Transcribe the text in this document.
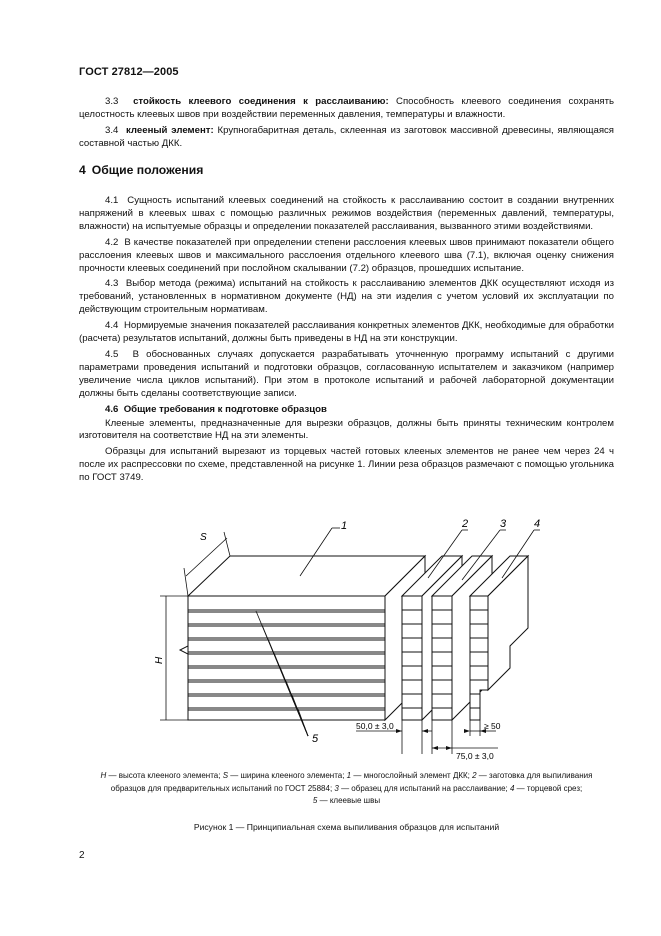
ГОСТ 27812—2005

3.3 стойкость клеевого соединения к расслаиванию: Способность клеевого соединения сохранять целостность клеевых швов при воздействии переменных давления, температуры и влажности.

3.4 клееный элемент: Крупногабаритная деталь, склеенная из заготовок массивной древесины, являющаяся составной частью ДКК.

4 Общие положения

4.1 Сущность испытаний клеевых соединений на стойкость к расслаиванию состоит в создании внутренних напряжений в клеевых швах с помощью различных режимов воздействия (переменных давлений, температуры, влажности) на испытуемые образцы и определении показателей расслаивания, вызванного этими воздействиями.

4.2 В качестве показателей при определении степени расслоения клеевых швов принимают показатели общего расслоения клеевых швов и максимального расслоения отдельного клеевого шва (7.1), включая оценку снижения прочности клеевых соединений при послойном скалывании (7.2) образцов, прошедших испытание.

4.3 Выбор метода (режима) испытаний на стойкость к расслаиванию элементов ДКК осуществляют исходя из требований, установленных в нормативном документе (НД) на эти изделия с учетом условий их эксплуатации по действующим строительным нормативам.

4.4 Нормируемые значения показателей расслаивания конкретных элементов ДКК, необходимые для обработки (расчета) результатов испытаний, должны быть приведены в НД на эти конструкции.

4.5 В обоснованных случаях допускается разрабатывать уточненную программу испытаний с другими параметрами проведения испытаний и подготовки образцов, согласованную испытателем и заказчиком (например увеличение числа циклов испытаний). При этом в протоколе испытаний и рабочей лабораторной документации должны быть сделаны соответствующие записи.

4.6 Общие требования к подготовке образцов

Клееные элементы, предназначенные для вырезки образцов, должны быть приняты техническим контролем изготовителя на соответствие НД на эти элементы.

Образцы для испытаний вырезают из торцевых частей готовых клееных элементов не ранее чем через 24 ч после их распрессовки по схеме, представленной на рисунке 1. Линии реза образцов размечают с помощью угольника по ГОСТ 3749.

S
H
1	2	3	4
5
50,0 ± 3,0
75,0 ± 3,0
≥ 50
H — высота клееного элемента; S — ширина клееного элемента; 1 — многослойный элемент ДКК; 2 — заготовка для выпиливания
образцов для предварительных испытаний по ГОСТ 25884; 3 — образец для испытаний на расслаивание; 4 — торцевой срез;
5 — клеевые швы
Рисунок 1 — Принципиальная схема выпиливания образцов для испытаний
2
